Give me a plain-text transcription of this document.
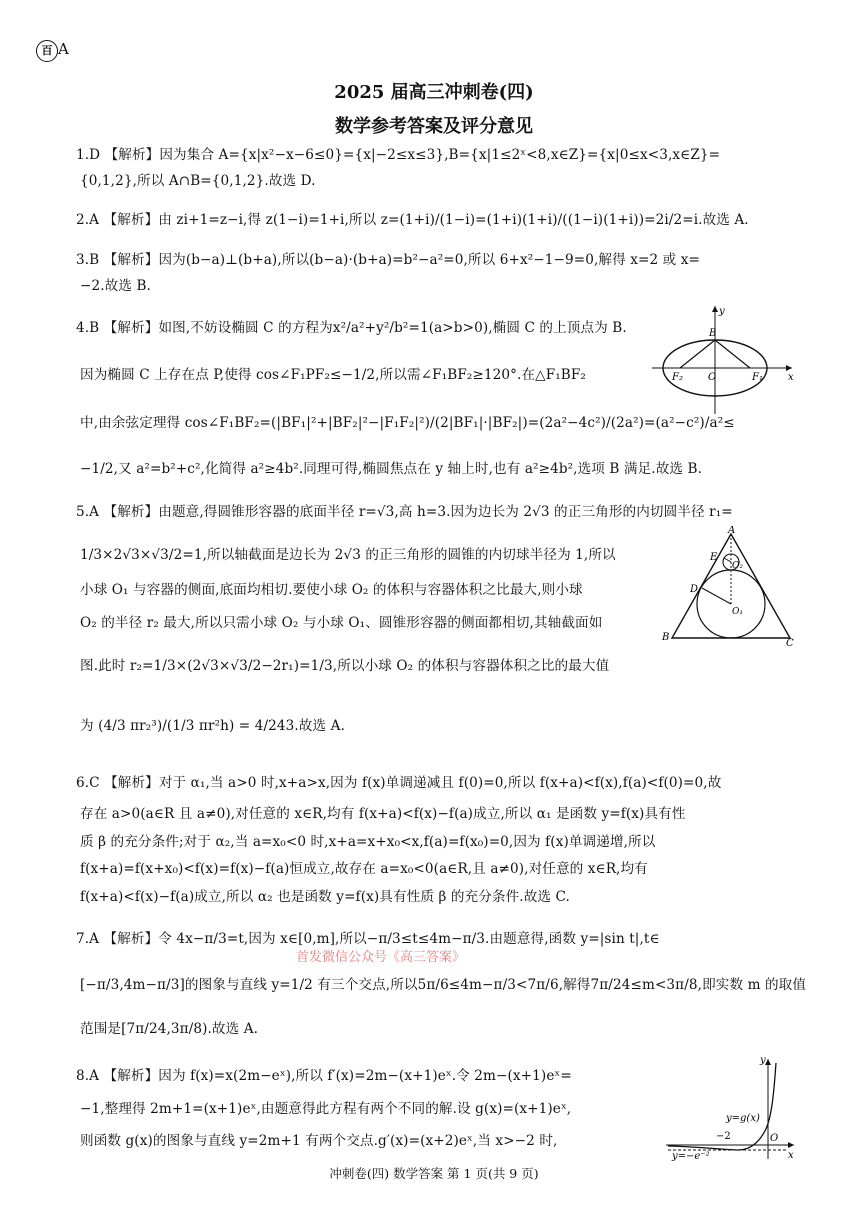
百 A
2025 届高三冲刺卷(四)
数学参考答案及评分意见
1.D 【解析】因为集合 A={x|x²−x−6≤0}={x|−2≤x≤3},B={x|1≤2ˣ<8,x∈Z}={x|0≤x<3,x∈Z}=
{0,1,2},所以 A∩B={0,1,2}.故选 D.
2.A 【解析】由 zi+1=z−i,得 z(1−i)=1+i,所以 z=(1+i)/(1−i)=(1+i)(1+i)/((1−i)(1+i))=2i/2=i.故选 A.
3.B 【解析】因为(b−a)⊥(b+a),所以(b−a)·(b+a)=b²−a²=0,所以 6+x²−1−9=0,解得 x=2 或 x=
−2.故选 B.
4.B 【解析】如图,不妨设椭圆 C 的方程为x²/a²+y²/b²=1(a>b>0),椭圆 C 的上顶点为 B.
因为椭圆 C 上存在点 P,使得 cos∠F₁PF₂≤−1/2,所以需∠F₁BF₂≥120°.在△F₁BF₂
中,由余弦定理得 cos∠F₁BF₂=(|BF₁|²+|BF₂|²−|F₁F₂|²)/(2|BF₁|·|BF₂|)=(2a²−4c²)/(2a²)=(a²−c²)/a²≤
−1/2,又 a²=b²+c²,化简得 a²≥4b².同理可得,椭圆焦点在 y 轴上时,也有 a²≥4b²,选项 B 满足.故选 B.
5.A 【解析】由题意,得圆锥形容器的底面半径 r=√3,高 h=3.因为边长为 2√3 的正三角形的内切圆半径 r₁=
1/3×2√3×√3/2=1,所以轴截面是边长为 2√3 的正三角形的圆锥的内切球半径为 1,所以
小球 O₁ 与容器的侧面,底面均相切.要使小球 O₂ 的体积与容器体积之比最大,则小球
O₂ 的半径 r₂ 最大,所以只需小球 O₂ 与小球 O₁、圆锥形容器的侧面都相切,其轴截面如
图.此时 r₂=1/3×(2√3×√3/2−2r₁)=1/3,所以小球 O₂ 的体积与容器体积之比的最大值
为 (4/3 πr₂³)/(1/3 πr²h) = 4/243.故选 A.
6.C 【解析】对于 α₁,当 a>0 时,x+a>x,因为 f(x)单调递减且 f(0)=0,所以 f(x+a)<f(x),f(a)<f(0)=0,故
存在 a>0(a∈R 且 a≠0),对任意的 x∈R,均有 f(x+a)<f(x)−f(a)成立,所以 α₁ 是函数 y=f(x)具有性
质 β 的充分条件;对于 α₂,当 a=x₀<0 时,x+a=x+x₀<x,f(a)=f(x₀)=0,因为 f(x)单调递增,所以
f(x+a)=f(x+x₀)<f(x)=f(x)−f(a)恒成立,故存在 a=x₀<0(a∈R,且 a≠0),对任意的 x∈R,均有
f(x+a)<f(x)−f(a)成立,所以 α₂ 也是函数 y=f(x)具有性质 β 的充分条件.故选 C.
7.A 【解析】令 4x−π/3=t,因为 x∈[0,m],所以−π/3≤t≤4m−π/3.由题意得,函数 y=|sin t|,t∈
首发微信公众号《高三答案》
[−π/3,4m−π/3]的图象与直线 y=1/2 有三个交点,所以5π/6≤4m−π/3<7π/6,解得7π/24≤m<3π/8,即实数 m 的取值
范围是[7π/24,3π/8).故选 A.
8.A 【解析】因为 f(x)=x(2m−eˣ),所以 f′(x)=2m−(x+1)eˣ.令 2m−(x+1)eˣ=
−1,整理得 2m+1=(x+1)eˣ,由题意得此方程有两个不同的解.设 g(x)=(x+1)eˣ,
则函数 g(x)的图象与直线 y=2m+1 有两个交点.g′(x)=(x+2)eˣ,当 x>−2 时,
y
B
F₂	O	F₁	x
A
E
O₂
D
O₁
B
C
y
y=g(x)
−2	O
x
y=−e⁻²
冲刺卷(四) 数学答案 第 1 页(共 9 页)
